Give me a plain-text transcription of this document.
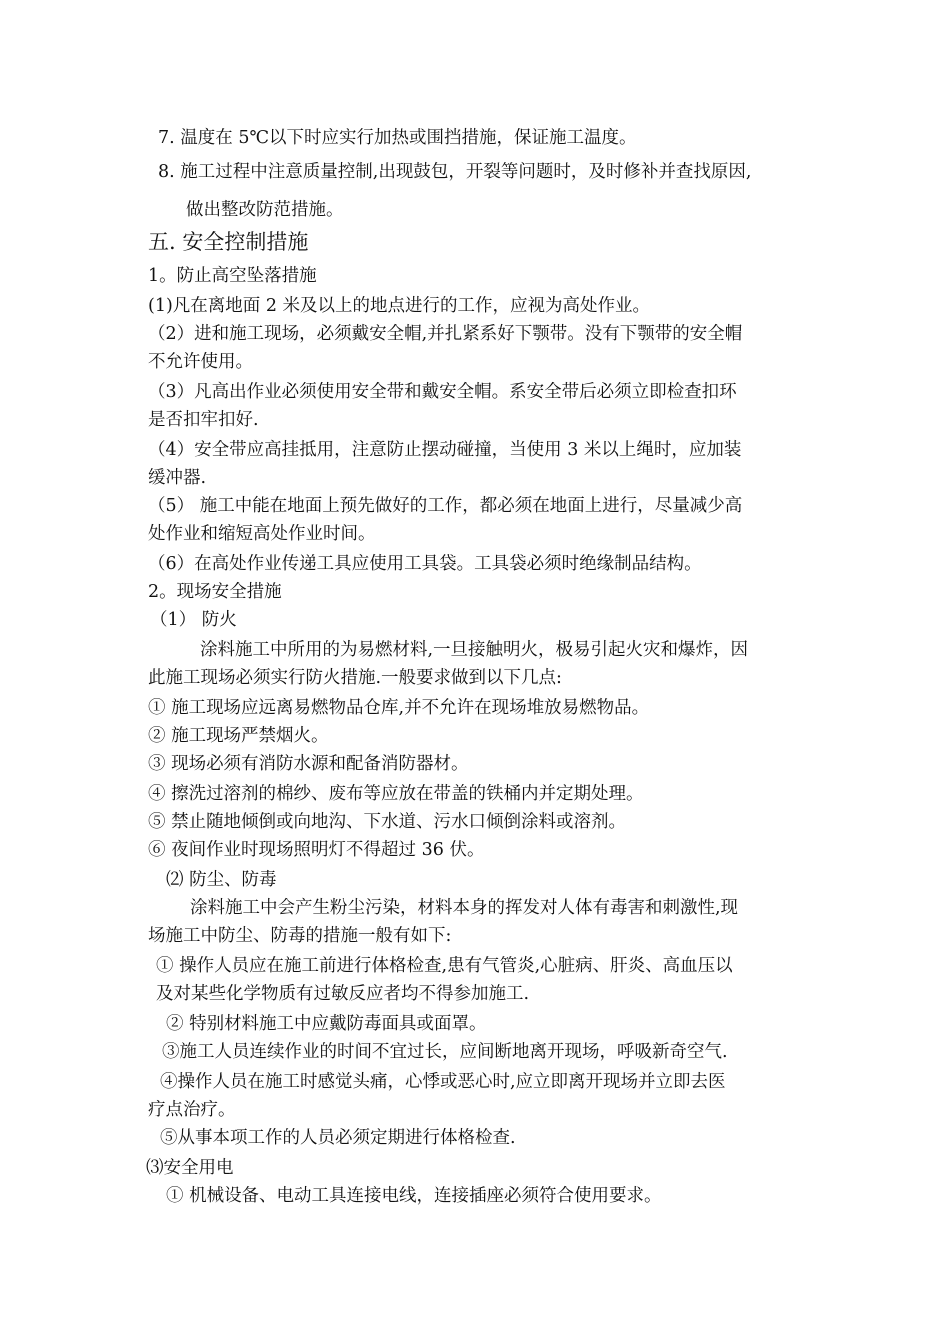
7. 温度在 5℃以下时应实行加热或围挡措施，保证施工温度。
8. 施工过程中注意质量控制,出现鼓包，开裂等问题时，及时修补并查找原因,
做出整改防范措施。
五. 安全控制措施
1。防止高空坠落措施
(1)凡在离地面 2 米及以上的地点进行的工作，应视为高处作业。
（2）进和施工现场，必须戴安全帽,并扎紧系好下颚带。没有下颚带的安全帽
不允许使用。
（3）凡高出作业必须使用安全带和戴安全帽。系安全带后必须立即检查扣环
是否扣牢扣好.
（4）安全带应高挂抵用，注意防止摆动碰撞，当使用 3 米以上绳时，应加装
缓冲器.
（5） 施工中能在地面上预先做好的工作，都必须在地面上进行，尽量减少高
处作业和缩短高处作业时间。
（6）在高处作业传递工具应使用工具袋。工具袋必须时绝缘制品结构。
2。现场安全措施
（1） 防火
涂料施工中所用的为易燃材料,一旦接触明火，极易引起火灾和爆炸，因
此施工现场必须实行防火措施.一般要求做到以下几点:
① 施工现场应远离易燃物品仓库,并不允许在现场堆放易燃物品。
② 施工现场严禁烟火。
③ 现场必须有消防水源和配备消防器材。
④ 擦洗过溶剂的棉纱、废布等应放在带盖的铁桶内并定期处理。
⑤ 禁止随地倾倒或向地沟、下水道、污水口倾倒涂料或溶剂。
⑥ 夜间作业时现场照明灯不得超过 36 伏。
⑵ 防尘、防毒
涂料施工中会产生粉尘污染，材料本身的挥发对人体有毒害和刺激性,现
场施工中防尘、防毒的措施一般有如下:
① 操作人员应在施工前进行体格检查,患有气管炎,心脏病、肝炎、高血压以
及对某些化学物质有过敏反应者均不得参加施工.
② 特别材料施工中应戴防毒面具或面罩。
③施工人员连续作业的时间不宜过长，应间断地离开现场，呼吸新奇空气.
④操作人员在施工时感觉头痛，心悸或恶心时,应立即离开现场并立即去医
疗点治疗。
⑤从事本项工作的人员必须定期进行体格检查.
⑶安全用电
① 机械设备、电动工具连接电线，连接插座必须符合使用要求。
